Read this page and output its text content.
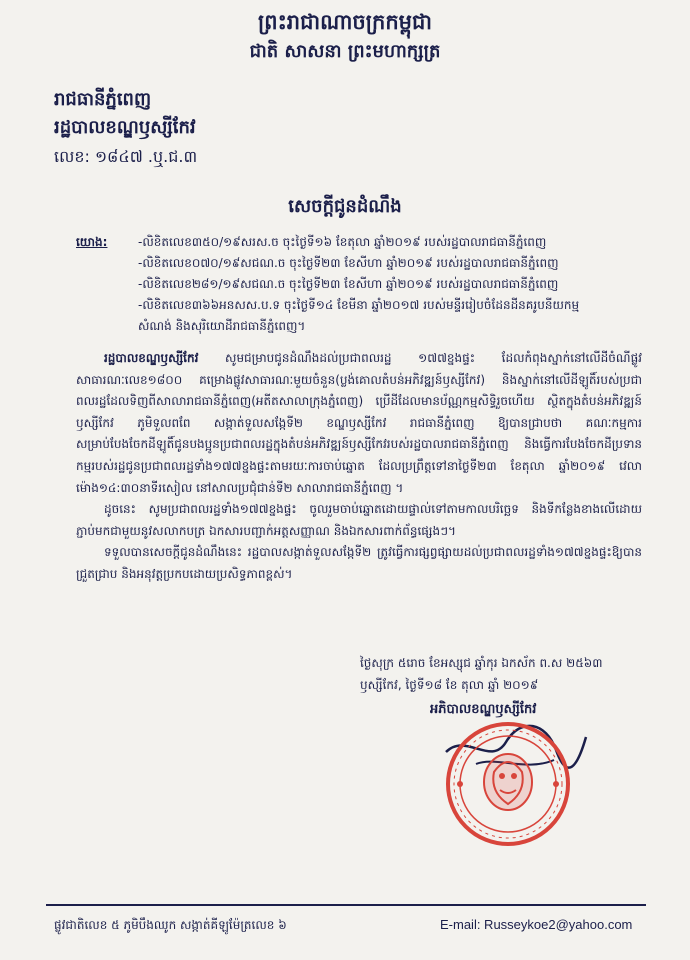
ព្រះរាជាណាចក្រកម្ពុជា
ជាតិ សាសនា ព្រះមហាក្សត្រ
រាជធានីភ្នំពេញ
រដ្ឋបាលខណ្ឌឫស្សីកែវ
លេខ: ១៨៤៧ .ឬ.ជ.៣
សេចក្ដីជូនដំណឹង
យោង:	-លិខិតលេខ៣៥០/១៩សរស.ច ចុះថ្ងៃទី១៦ ខែតុលា ឆ្នាំ២០១៩ របស់រដ្ឋបាលរាជធានីភ្នំពេញ
-លិខិតលេខ០៧០/១៩សជណ.ច ចុះថ្ងៃទី២៣ ខែសីហា ឆ្នាំ២០១៩ របស់រដ្ឋបាលរាជធានីភ្នំពេញ
-លិខិតលេខ២៨១/១៩សជណ.ច ចុះថ្ងៃទី២៣ ខែសីហា ឆ្នាំ២០១៩ របស់រដ្ឋបាលរាជធានីភ្នំពេញ
-លិខិតលេខ៣៦៦អនសស.ប.ទ ចុះថ្ងៃទី១៤ ខែមីនា ឆ្នាំ២០១៧ របស់មន្ទីររៀបចំដែនដីនគរូបនីយកម្ម សំណង់ និងសុរិយោដីរាជធានីភ្នំពេញ។

រដ្ឋបាលខណ្ឌឫស្សីកែវ សូមជម្រាបជូនដំណឹងដល់ប្រជាពលរដ្ឋ ១៧៧ខ្នងផ្ទះ ដែលកំពុងស្នាក់នៅលើដីចំណីផ្លូវសាធារណៈលេខ១៨០០ គម្រោងផ្លូវសាធារណៈមួយចំនួន(ប្លង់គោលតំបន់អភិវឌ្ឍន៍ឫស្សីកែវ) និងស្នាក់នៅលើដីឡូតិ៍របស់ប្រជាពលរដ្ឋដែលទិញពីសាលារាជធានីភ្នំពេញ(អតីតសាលាក្រុងភ្នំពេញ) ប្រើដីដែលមានប័ណ្ណកម្មសិទ្ធិរួចហើយ ស្ថិតក្នុងតំបន់អភិវឌ្ឍន៍ឫស្សីកែវ ភូមិទួលពពែ សង្កាត់ទួលសង្កែទី២ ខណ្ឌឫស្សីកែវ រាជធានីភ្នំពេញ ឱ្យបានជ្រាបថា គណៈកម្មការសម្រាប់បែងចែកដីឡូតិ៍ជូនបងប្អូនប្រជាពលរដ្ឋក្នុងតំបន់អភិវឌ្ឍន៍ឫស្សីកែវរបស់រដ្ឋបាលរាជធានីភ្នំពេញ និងធ្វើការបែងចែកដីប្រទានកម្មរបស់រដ្ឋជូនប្រជាពលរដ្ឋទាំង១៧៧ខ្នងផ្ទះតាមរយៈការចាប់ឆ្នោត ដែលប្រព្រឹត្តទៅនាថ្ងៃទី២៣ ខែតុលា ឆ្នាំ២០១៩ វេលាម៉ោង១៤:៣០នាទីរសៀល នៅសាលប្រជុំជាន់ទី២ សាលារាជធានីភ្នំពេញ ។

ដូចនេះ សូមប្រជាពលរដ្ឋទាំង១៧៧ខ្នងផ្ទះ ចូលរួមចាប់ឆ្នោតដោយផ្ទាល់ទៅតាមកាលបរិច្ឆេទ និងទីកន្លែងខាងលើដោយភ្ជាប់មកជាមួយនូវសលាកបត្រ ឯកសារបញ្ជាក់អត្តសញ្ញាណ និងឯកសារពាក់ព័ន្ធផ្សេងៗ។

ទទួលបានសេចក្ដីជូនដំណឹងនេះ រដ្ឋបាលសង្កាត់ទួលសង្កែទី២ ត្រូវធ្វើការផ្សព្វផ្សាយដល់ប្រជាពលរដ្ឋទាំង១៧៧ខ្នងផ្ទះឱ្យបានជ្រួតជ្រាប និងអនុវត្តប្រកបដោយប្រសិទ្ធភាពខ្ពស់។

ថ្ងៃសុក្រ ៥រោច ខែអស្សុជ ឆ្នាំកុរ ឯកស័ក ព.ស ២៥៦៣
ឫស្សីកែវ, ថ្ងៃទី១៨ ខែ តុលា ឆ្នាំ ២០១៩
អភិបាលខណ្ឌឫស្សីកែវ
ផ្លូវជាតិលេខ ៥ ភូមិបឹងឈូក សង្កាត់គីឡូម៉ែត្រលេខ ៦	E-mail: Russeykoe2@yahoo.com
